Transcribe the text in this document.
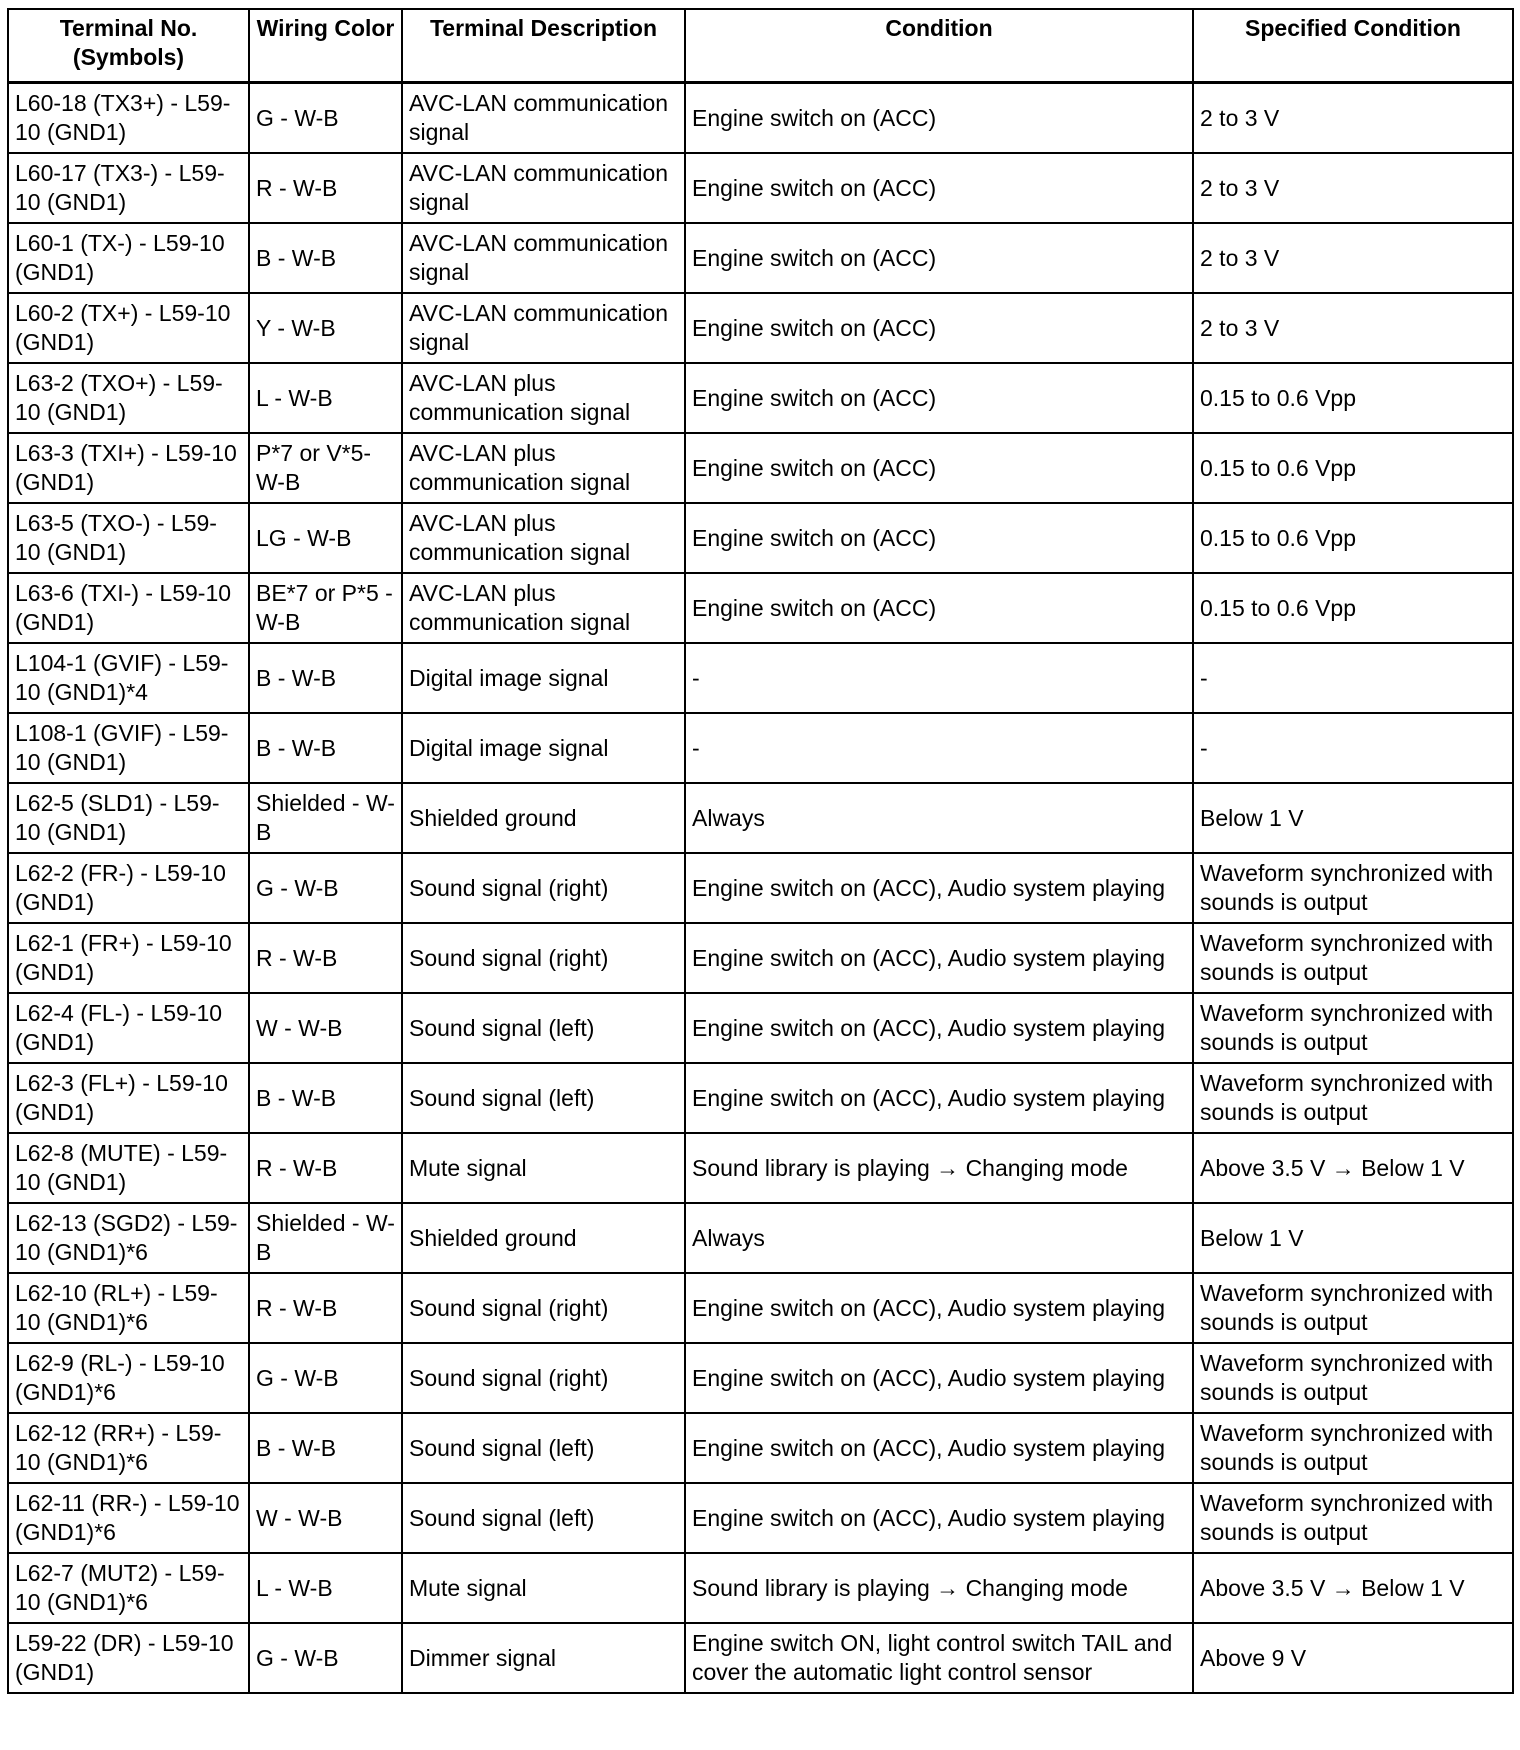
Terminal No. (Symbols)	Wiring Color	Terminal Description	Condition	Specified Condition
L60-18 (TX3+) - L59-10 (GND1)	G - W-B	AVC-LAN communication signal	Engine switch on (ACC)	2 to 3 V
L60-17 (TX3-) - L59-10 (GND1)	R - W-B	AVC-LAN communication signal	Engine switch on (ACC)	2 to 3 V
L60-1 (TX-) - L59-10 (GND1)	B - W-B	AVC-LAN communication signal	Engine switch on (ACC)	2 to 3 V
L60-2 (TX+) - L59-10 (GND1)	Y - W-B	AVC-LAN communication signal	Engine switch on (ACC)	2 to 3 V
L63-2 (TXO+) - L59-10 (GND1)	L - W-B	AVC-LAN plus communication signal	Engine switch on (ACC)	0.15 to 0.6 Vpp
L63-3 (TXI+) - L59-10 (GND1)	P*7 or V*5- W-B	AVC-LAN plus communication signal	Engine switch on (ACC)	0.15 to 0.6 Vpp
L63-5 (TXO-) - L59-10 (GND1)	LG - W-B	AVC-LAN plus communication signal	Engine switch on (ACC)	0.15 to 0.6 Vpp
L63-6 (TXI-) - L59-10 (GND1)	BE*7 or P*5 - W-B	AVC-LAN plus communication signal	Engine switch on (ACC)	0.15 to 0.6 Vpp
L104-1 (GVIF) - L59-10 (GND1)*4	B - W-B	Digital image signal	-	-
L108-1 (GVIF) - L59-10 (GND1)	B - W-B	Digital image signal	-	-
L62-5 (SLD1) - L59-10 (GND1)	Shielded - W-B	Shielded ground	Always	Below 1 V
L62-2 (FR-) - L59-10 (GND1)	G - W-B	Sound signal (right)	Engine switch on (ACC), Audio system playing	Waveform synchronized with sounds is output
L62-1 (FR+) - L59-10 (GND1)	R - W-B	Sound signal (right)	Engine switch on (ACC), Audio system playing	Waveform synchronized with sounds is output
L62-4 (FL-) - L59-10 (GND1)	W - W-B	Sound signal (left)	Engine switch on (ACC), Audio system playing	Waveform synchronized with sounds is output
L62-3 (FL+) - L59-10 (GND1)	B - W-B	Sound signal (left)	Engine switch on (ACC), Audio system playing	Waveform synchronized with sounds is output
L62-8 (MUTE) - L59-10 (GND1)	R - W-B	Mute signal	Sound library is playing → Changing mode	Above 3.5 V → Below 1 V
L62-13 (SGD2) - L59-10 (GND1)*6	Shielded - W-B	Shielded ground	Always	Below 1 V
L62-10 (RL+) - L59-10 (GND1)*6	R - W-B	Sound signal (right)	Engine switch on (ACC), Audio system playing	Waveform synchronized with sounds is output
L62-9 (RL-) - L59-10 (GND1)*6	G - W-B	Sound signal (right)	Engine switch on (ACC), Audio system playing	Waveform synchronized with sounds is output
L62-12 (RR+) - L59-10 (GND1)*6	B - W-B	Sound signal (left)	Engine switch on (ACC), Audio system playing	Waveform synchronized with sounds is output
L62-11 (RR-) - L59-10 (GND1)*6	W - W-B	Sound signal (left)	Engine switch on (ACC), Audio system playing	Waveform synchronized with sounds is output
L62-7 (MUT2) - L59-10 (GND1)*6	L - W-B	Mute signal	Sound library is playing → Changing mode	Above 3.5 V → Below 1 V
L59-22 (DR) - L59-10 (GND1)	G - W-B	Dimmer signal	Engine switch ON, light control switch TAIL and cover the automatic light control sensor	Above 9 V
